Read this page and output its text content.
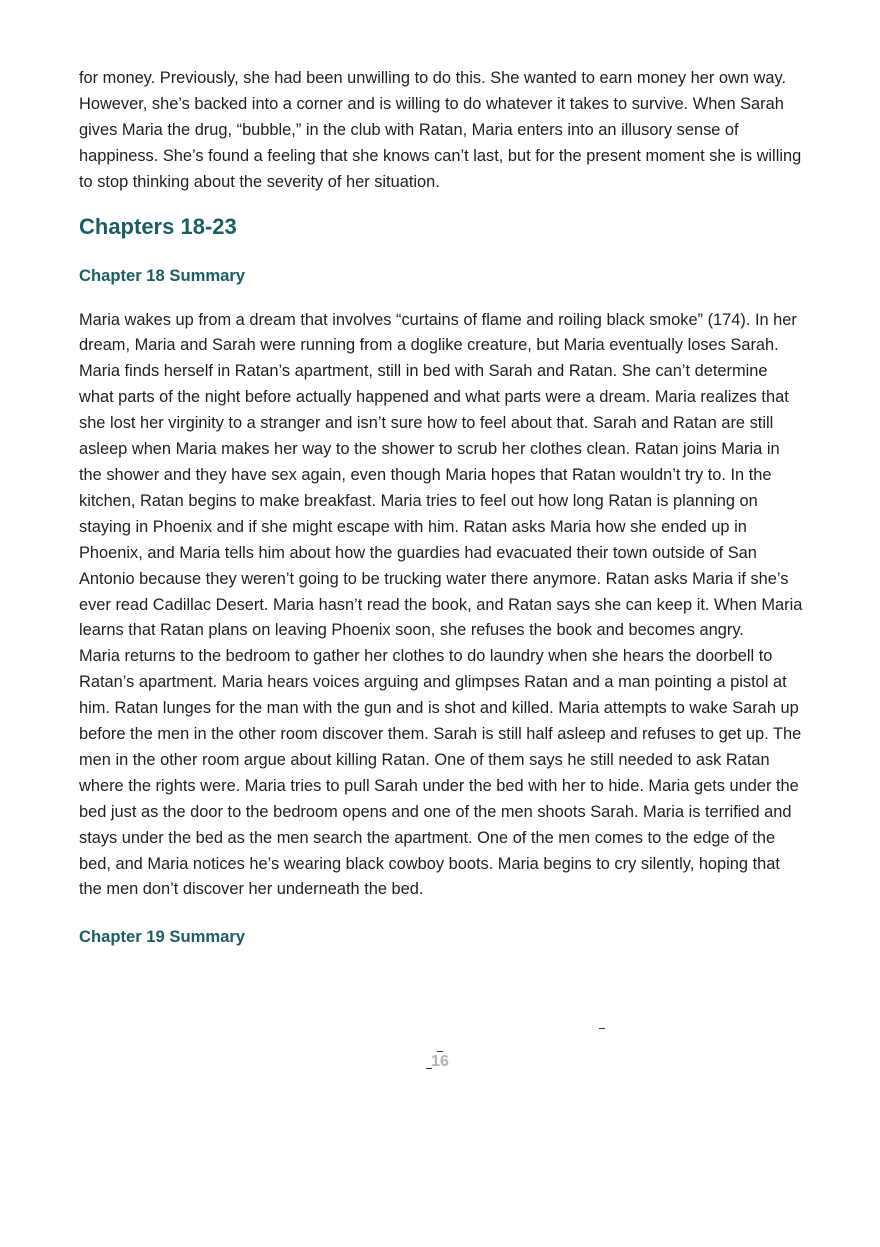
for money. Previously, she had been unwilling to do this. She wanted to earn money her own way. However, she’s backed into a corner and is willing to do whatever it takes to survive. When Sarah gives Maria the drug, “bubble,” in the club with Ratan, Maria enters into an illusory sense of happiness. She’s found a feeling that she knows can’t last, but for the present moment she is willing to stop thinking about the severity of her situation.

Chapters 18-23
Chapter 18 Summary

Maria wakes up from a dream that involves “curtains of flame and roiling black smoke” (174). In her dream, Maria and Sarah were running from a doglike creature, but Maria eventually loses Sarah. Maria finds herself in Ratan’s apartment, still in bed with Sarah and Ratan. She can’t determine what parts of the night before actually happened and what parts were a dream. Maria realizes that she lost her virginity to a stranger and isn’t sure how to feel about that. Sarah and Ratan are still asleep when Maria makes her way to the shower to scrub her clothes clean. Ratan joins Maria in the shower and they have sex again, even though Maria hopes that Ratan wouldn’t try to. In the kitchen, Ratan begins to make breakfast. Maria tries to feel out how long Ratan is planning on staying in Phoenix and if she might escape with him. Ratan asks Maria how she ended up in Phoenix, and Maria tells him about how the guardies had evacuated their town outside of San Antonio because they weren’t going to be trucking water there anymore. Ratan asks Maria if she’s ever read Cadillac Desert. Maria hasn’t read the book, and Ratan says she can keep it. When Maria learns that Ratan plans on leaving Phoenix soon, she refuses the book and becomes angry.

Maria returns to the bedroom to gather her clothes to do laundry when she hears the doorbell to Ratan’s apartment. Maria hears voices arguing and glimpses Ratan and a man pointing a pistol at him. Ratan lunges for the man with the gun and is shot and killed. Maria attempts to wake Sarah up before the men in the other room discover them. Sarah is still half asleep and refuses to get up. The men in the other room argue about killing Ratan. One of them says he still needed to ask Ratan where the rights were. Maria tries to pull Sarah under the bed with her to hide. Maria gets under the bed just as the door to the bedroom opens and one of the men shoots Sarah. Maria is terrified and stays under the bed as the men search the apartment. One of the men comes to the edge of the bed, and Maria notices he’s wearing black cowboy boots. Maria begins to cry silently, hoping that the men don’t discover her underneath the bed.

Chapter 19 Summary
16
